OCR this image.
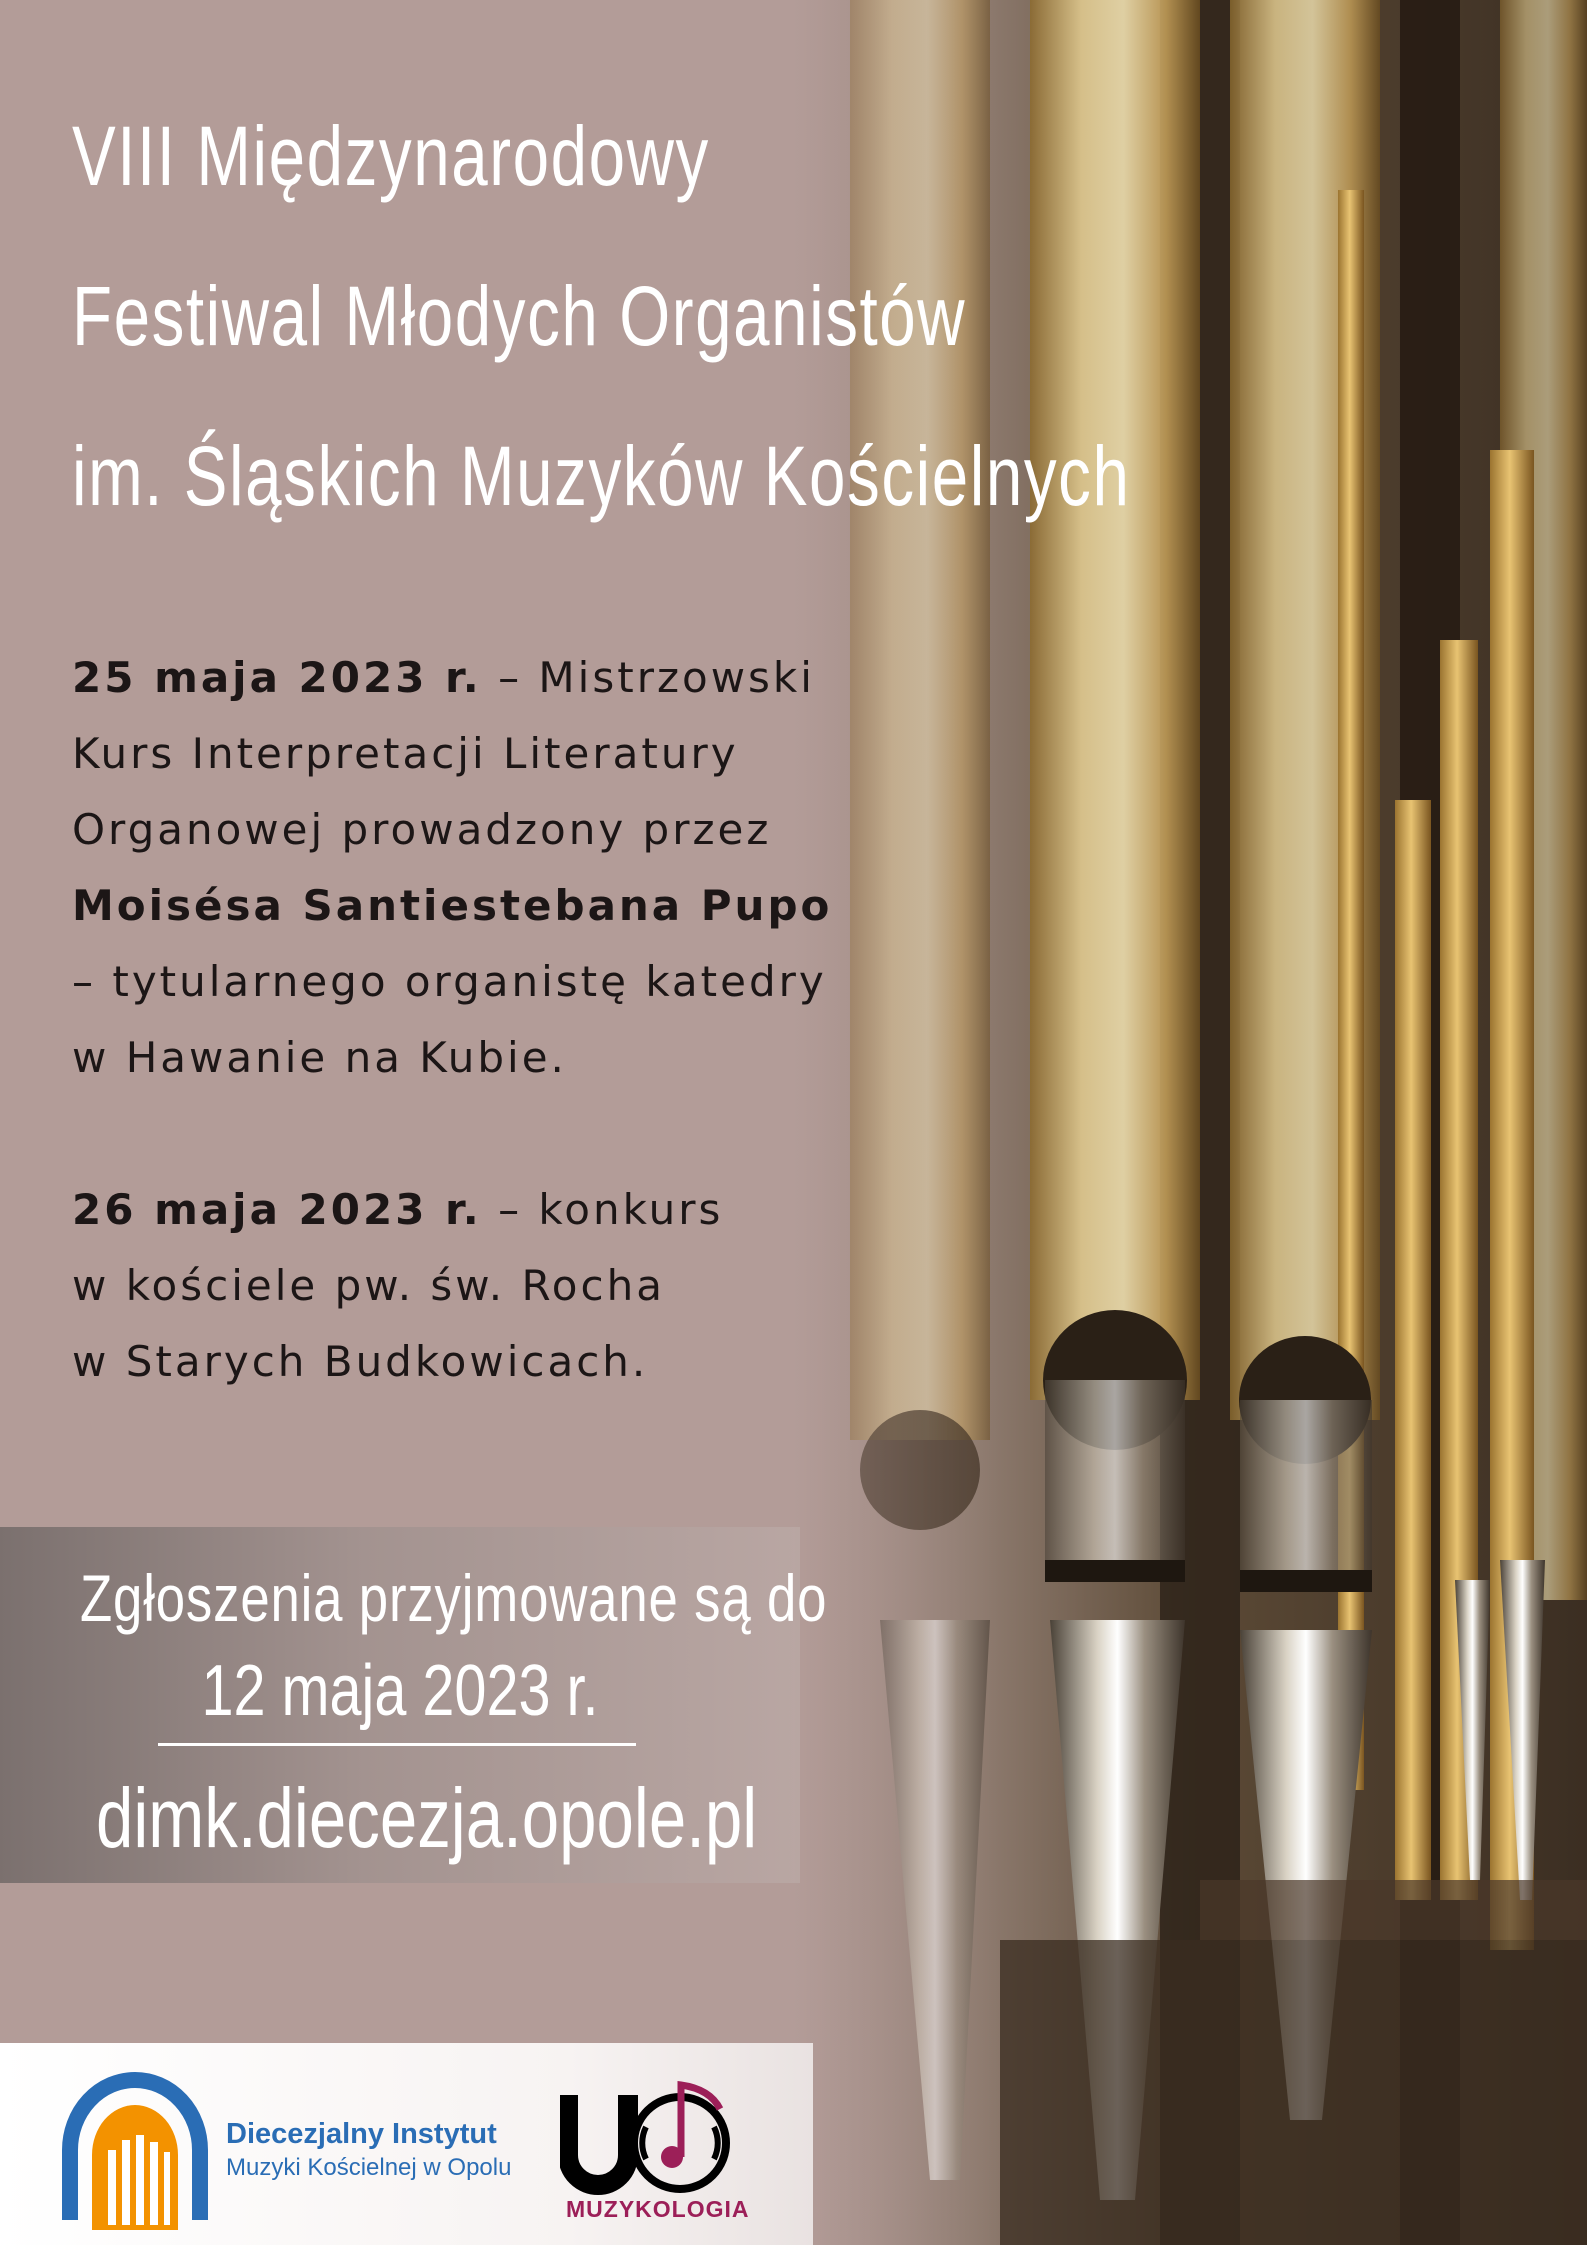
VIII Międzynarodowy
Festiwal Młodych Organistów
im. Śląskich Muzyków Kościelnych
25 maja 2023 r. – Mistrzowski
Kurs Interpretacji Literatury
Organowej prowadzony przez
Moisésa Santiestebana Pupo
– tytularnego organistę katedry
w Hawanie na Kubie.
26 maja 2023 r. – konkurs
w kościele pw. św. Rocha
w Starych Budkowicach.
Zgłoszenia przyjmowane są do
12 maja 2023 r.
dimk.diecezja.opole.pl
Diecezjalny Instytut
Muzyki Kościelnej w Opolu
MUZYKOLOGIA
